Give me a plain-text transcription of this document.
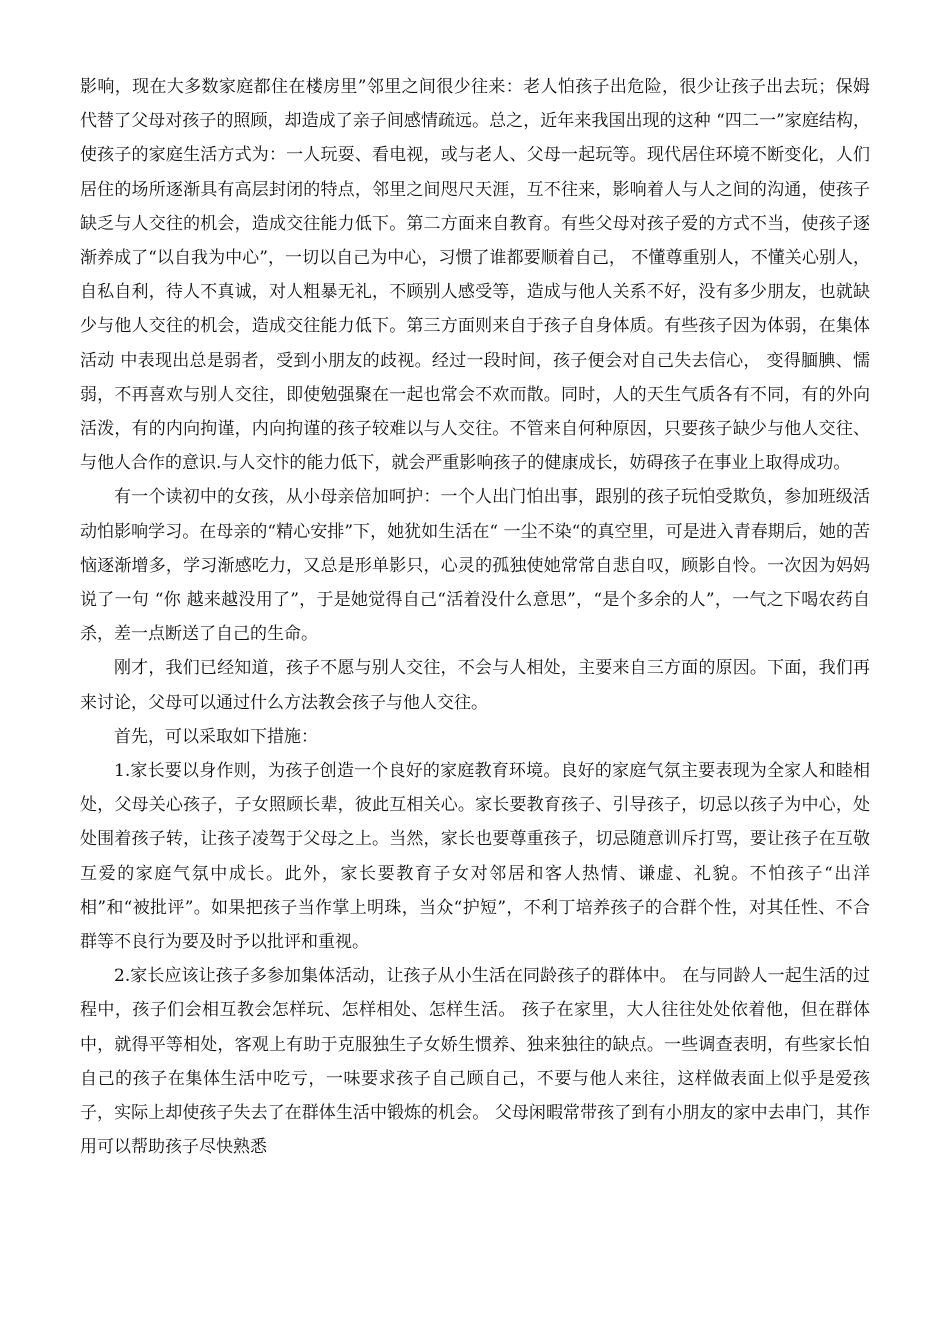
影响，现在大多数家庭都住在楼房里”邻里之间很少往来：老人怕孩子出危险，很少让孩子出去玩；保姆代替了父母对孩子的照顾，却造成了亲子间感情疏远。总之，近年来我国出现的这种 “四二一”家庭结构，使孩子的家庭生活方式为：一人玩耍、看电视，或与老人、父母一起玩等。现代居住环境不断变化，人们居住的场所逐渐具有高层封闭的特点，邻里之间咫尺天涯，互不往来，影响着人与人之间的沟通，使孩子缺乏与人交往的机会，造成交往能力低下。第二方面来自教育。有些父母对孩子爱的方式不当，使孩子逐渐养成了“以自我为中心”，一切以自己为中心，习惯了谁都要顺着自己， 不懂尊重别人，不懂关心别人，自私自利，待人不真诚，对人粗暴无礼，不顾别人感受等，造成与他人关系不好，没有多少朋友，也就缺少与他人交往的机会，造成交往能力低下。第三方面则来自于孩子自身体质。有些孩子因为体弱，在集体活动 中表现出总是弱者，受到小朋友的歧视。经过一段时间，孩子便会对自己失去信心， 变得腼腆、懦弱，不再喜欢与别人交往，即使勉强聚在一起也常会不欢而散。同时，人的天生气质各有不同，有的外向活泼，有的内向拘谨，内向拘谨的孩子较难以与人交往。不管来自何种原因，只要孩子缺少与他人交往、与他人合作的意识.与人交忭的能力低下，就会严重影响孩子的健康成长，妨碍孩子在事业上取得成功。

有一个读初中的女孩，从小母亲倍加呵护：一个人出门怕出事，跟别的孩子玩怕受欺负，参加班级活动怕影响学习。在母亲的“精心安排”下，她犹如生活在“ 一尘不染“的真空里，可是进入青春期后，她的苦恼逐渐增多，学习渐感吃力，又总是形单影只，心灵的孤独使她常常自悲自叹，顾影自怜。一次因为妈妈说了一句 “你 越来越没用了”，于是她觉得自己“活着没什么意思”，“是个多余的人”，一气之下喝农药自杀，差一点断送了自己的生命。

刚才，我们已经知道，孩子不愿与别人交往，不会与人相处，主要来自三方面的原因。下面，我们再来讨论，父母可以通过什么方法教会孩子与他人交往。

首先，可以采取如下措施：

1.家长要以身作则，为孩子创造一个良好的家庭教育环境。良好的家庭气氛主要表现为全家人和睦相处，父母关心孩子，子女照顾长辈，彼此互相关心。家长要教育孩子、引导孩子，切忌以孩子为中心，处处围着孩子转，让孩子凌驾于父母之上。当然，家长也要尊重孩子，切忌随意训斥打骂，要让孩子在互敬互爱的家庭气氛中成长。此外，家长要教育子女对邻居和客人热情、谦虚、礼貌。不怕孩子“出洋相”和“被批评”。如果把孩子当作掌上明珠，当众“护短”，不利丁培养孩子的合群个性，对其任性、不合群等不良行为要及时予以批评和重视。

2.家长应该让孩子多参加集体活动，让孩子从小生活在同龄孩子的群体中。 在与同龄人一起生活的过程中，孩子们会相互教会怎样玩、怎样相处、怎样生活。 孩子在家里，大人往往处处依着他，但在群体中，就得平等相处，客观上有助于克服独生子女娇生惯养、独来独往的缺点。一些调查表明，有些家长怕自己的孩子在集体生活中吃亏，一味要求孩子自己顾自己，不要与他人来往，这样做表面上似乎是爱孩子，实际上却使孩子失去了在群体生活中锻炼的机会。 父母闲暇常带孩了到有小朋友的家中去串门，其作用可以帮助孩子尽快熟悉
